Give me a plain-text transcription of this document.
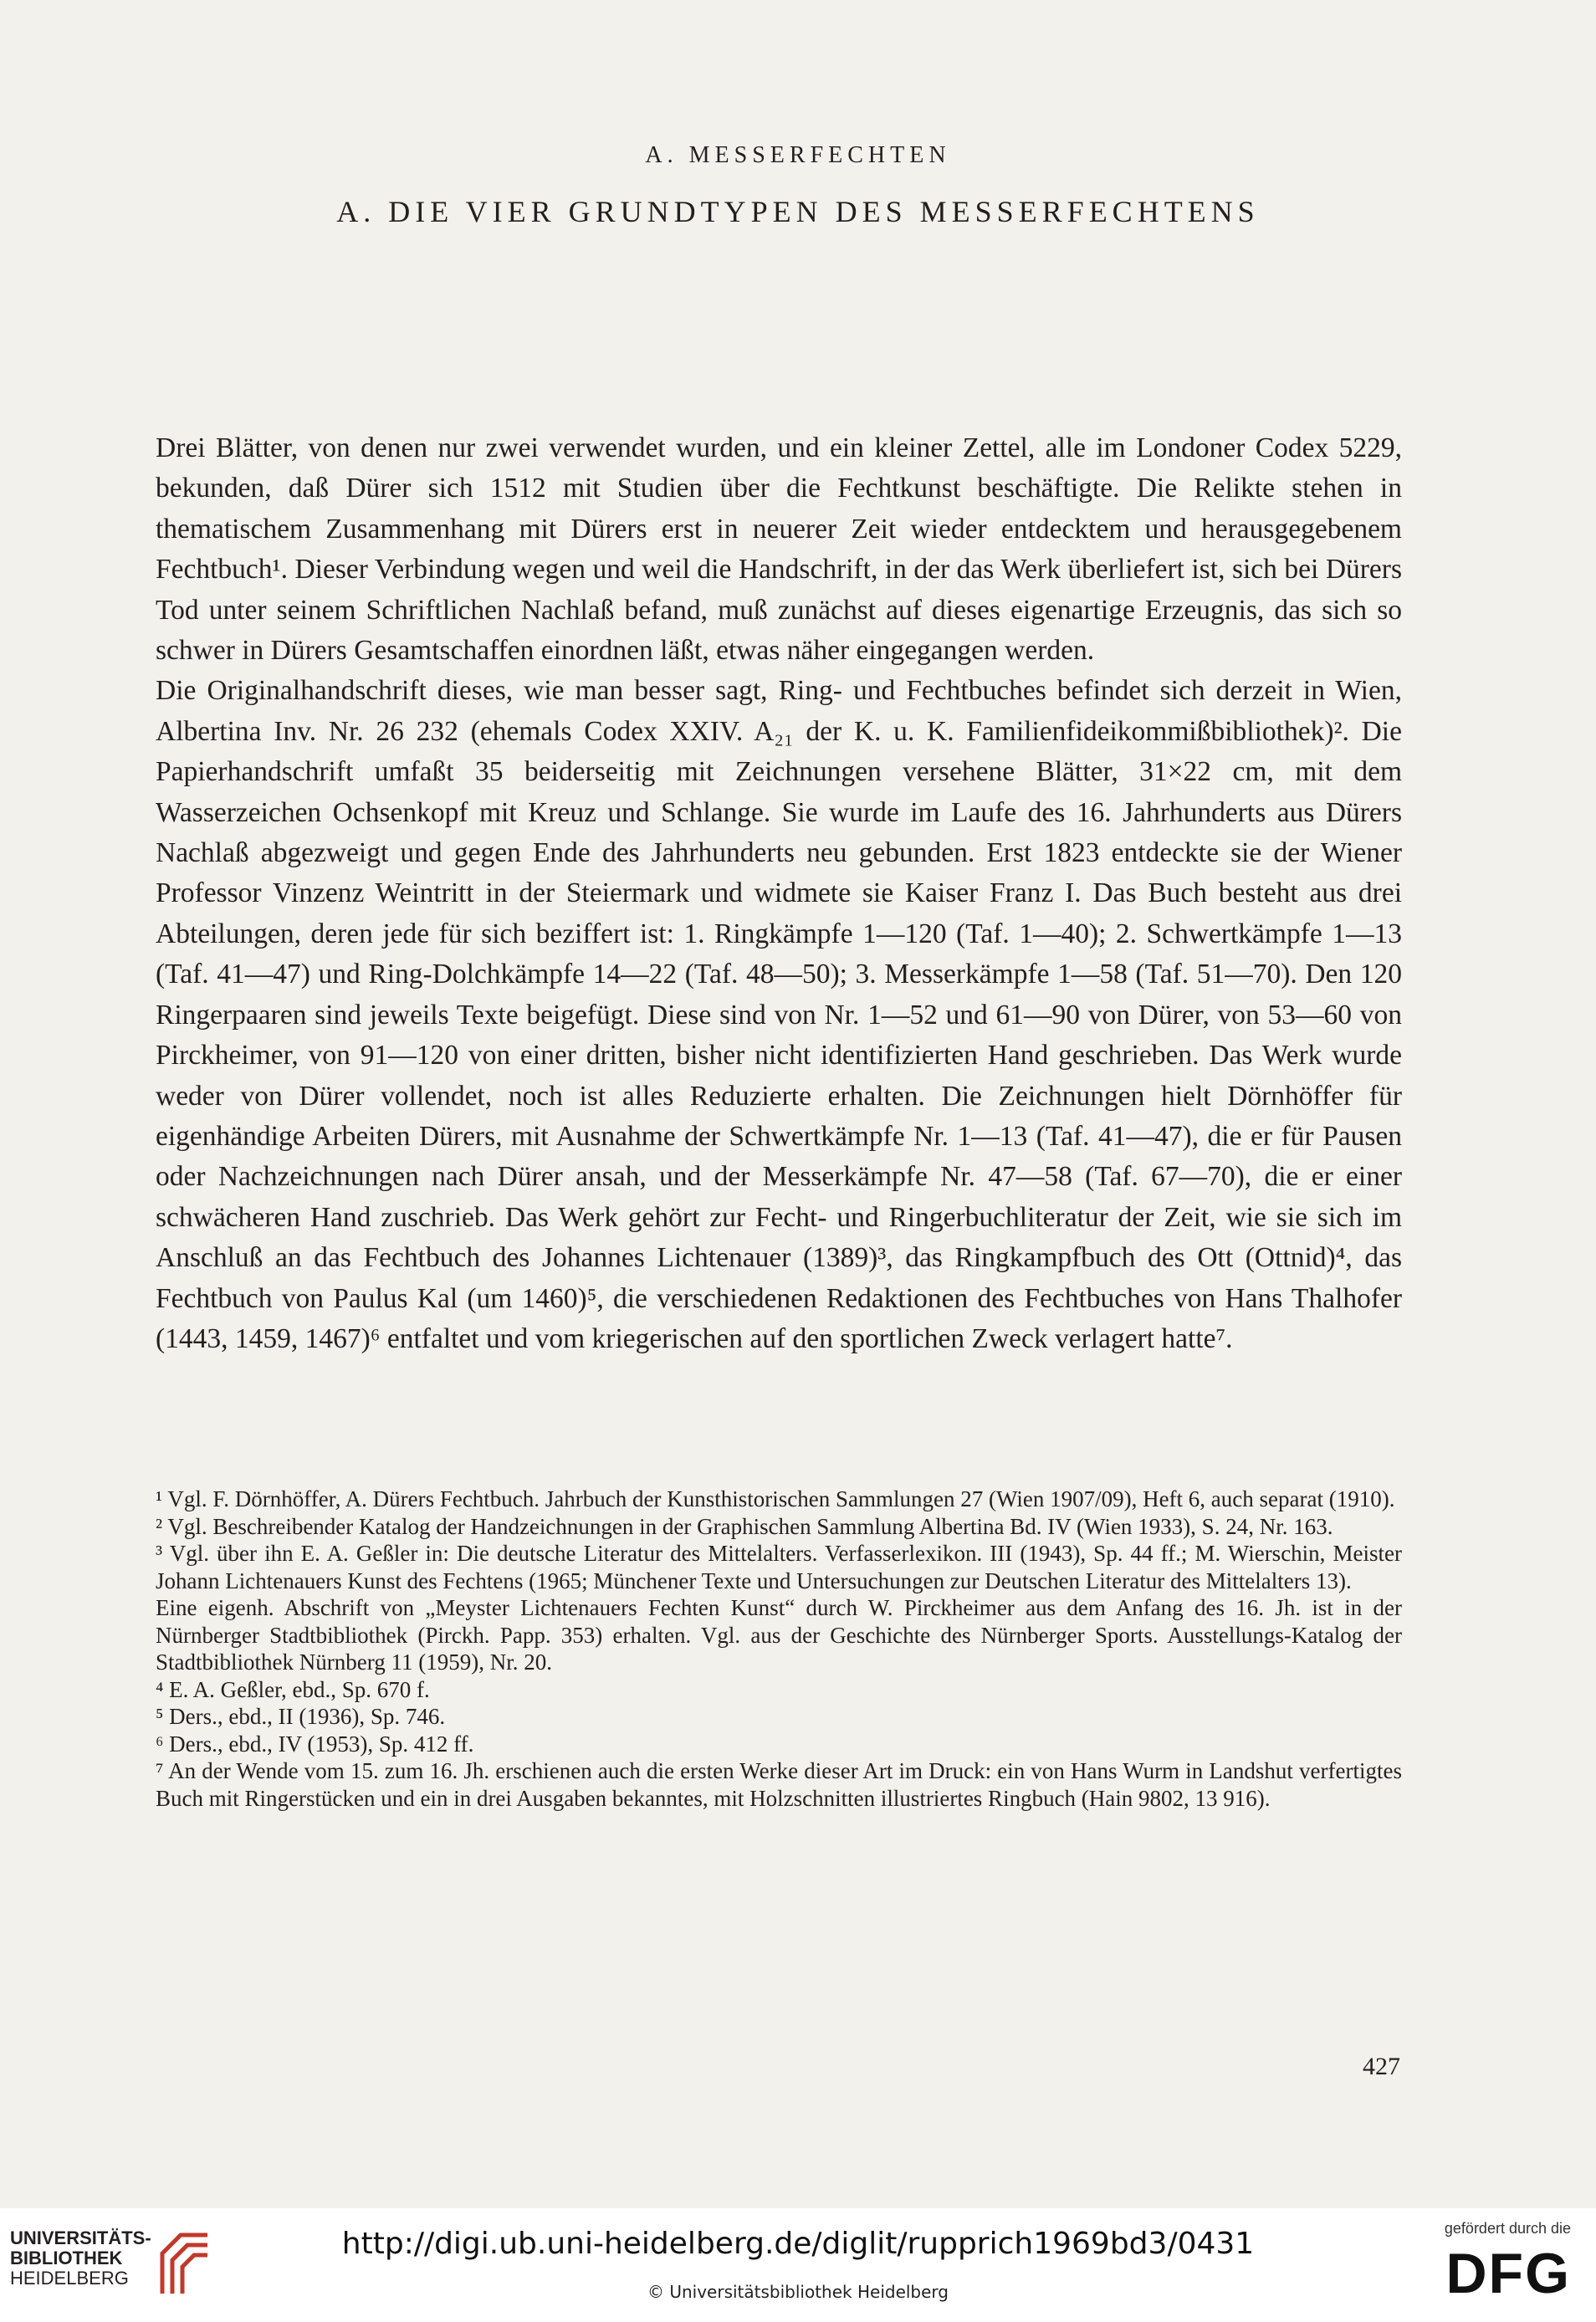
A. MESSERFECHTEN
A. DIE VIER GRUNDTYPEN DES MESSERFECHTENS

Drei Blätter, von denen nur zwei verwendet wurden, und ein kleiner Zettel, alle im Londoner Codex 5229, bekunden, daß Dürer sich 1512 mit Studien über die Fechtkunst beschäftigte. Die Relikte stehen in thematischem Zusammenhang mit Dürers erst in neuerer Zeit wieder entdecktem und herausgegebenem Fechtbuch¹. Dieser Verbindung wegen und weil die Handschrift, in der das Werk überliefert ist, sich bei Dürers Tod unter seinem Schriftlichen Nachlaß befand, muß zunächst auf dieses eigenartige Erzeugnis, das sich so schwer in Dürers Gesamtschaffen einordnen läßt, etwas näher eingegangen werden.

Die Originalhandschrift dieses, wie man besser sagt, Ring- und Fechtbuches befindet sich derzeit in Wien, Albertina Inv. Nr. 26 232 (ehemals Codex XXIV. A₂₁ der K. u. K. Familienfideikommißbibliothek)². Die Papierhandschrift umfaßt 35 beiderseitig mit Zeichnungen versehene Blätter, 31×22 cm, mit dem Wasserzeichen Ochsenkopf mit Kreuz und Schlange. Sie wurde im Laufe des 16. Jahrhunderts aus Dürers Nachlaß abgezweigt und gegen Ende des Jahrhunderts neu gebunden. Erst 1823 entdeckte sie der Wiener Professor Vinzenz Weintritt in der Steiermark und widmete sie Kaiser Franz I. Das Buch besteht aus drei Abteilungen, deren jede für sich beziffert ist: 1. Ringkämpfe 1—120 (Taf. 1—40); 2. Schwertkämpfe 1—13 (Taf. 41—47) und Ring-Dolchkämpfe 14—22 (Taf. 48—50); 3. Messerkämpfe 1—58 (Taf. 51—70). Den 120 Ringerpaaren sind jeweils Texte beigefügt. Diese sind von Nr. 1—52 und 61—90 von Dürer, von 53—60 von Pirckheimer, von 91—120 von einer dritten, bisher nicht identifizierten Hand geschrieben. Das Werk wurde weder von Dürer vollendet, noch ist alles Reduzierte erhalten. Die Zeichnungen hielt Dörnhöffer für eigenhändige Arbeiten Dürers, mit Ausnahme der Schwertkämpfe Nr. 1—13 (Taf. 41—47), die er für Pausen oder Nachzeichnungen nach Dürer ansah, und der Messerkämpfe Nr. 47—58 (Taf. 67—70), die er einer schwächeren Hand zuschrieb. Das Werk gehört zur Fecht- und Ringerbuchliteratur der Zeit, wie sie sich im Anschluß an das Fechtbuch des Johannes Lichtenauer (1389)³, das Ringkampfbuch des Ott (Ottnid)⁴, das Fechtbuch von Paulus Kal (um 1460)⁵, die verschiedenen Redaktionen des Fechtbuches von Hans Thalhofer (1443, 1459, 1467)⁶ entfaltet und vom kriegerischen auf den sportlichen Zweck verlagert hatte⁷.

¹ Vgl. F. Dörnhöffer, A. Dürers Fechtbuch. Jahrbuch der Kunsthistorischen Sammlungen 27 (Wien 1907/09), Heft 6, auch separat (1910).
² Vgl. Beschreibender Katalog der Handzeichnungen in der Graphischen Sammlung Albertina Bd. IV (Wien 1933), S. 24, Nr. 163.
³ Vgl. über ihn E. A. Geßler in: Die deutsche Literatur des Mittelalters. Verfasserlexikon. III (1943), Sp. 44 ff.; M. Wierschin, Meister Johann Lichtenauers Kunst des Fechtens (1965; Münchener Texte und Untersuchungen zur Deutschen Literatur des Mittelalters 13).
Eine eigenh. Abschrift von „Meyster Lichtenauers Fechten Kunst“ durch W. Pirckheimer aus dem Anfang des 16. Jh. ist in der Nürnberger Stadtbibliothek (Pirckh. Papp. 353) erhalten. Vgl. aus der Geschichte des Nürnberger Sports. Ausstellungs-Katalog der Stadtbibliothek Nürnberg 11 (1959), Nr. 20.
⁴ E. A. Geßler, ebd., Sp. 670 f.
⁵ Ders., ebd., II (1936), Sp. 746.
⁶ Ders., ebd., IV (1953), Sp. 412 ff.
⁷ An der Wende vom 15. zum 16. Jh. erschienen auch die ersten Werke dieser Art im Druck: ein von Hans Wurm in Landshut verfertigtes Buch mit Ringerstücken und ein in drei Ausgaben bekanntes, mit Holzschnitten illustriertes Ringbuch (Hain 9802, 13 916).
427
UNIVERSITÄTS-
BIBLIOTHEK
HEIDELBERG
http://digi.ub.uni-heidelberg.de/diglit/rupprich1969bd3/0431
© Universitätsbibliothek Heidelberg
gefördert durch die
DFG
